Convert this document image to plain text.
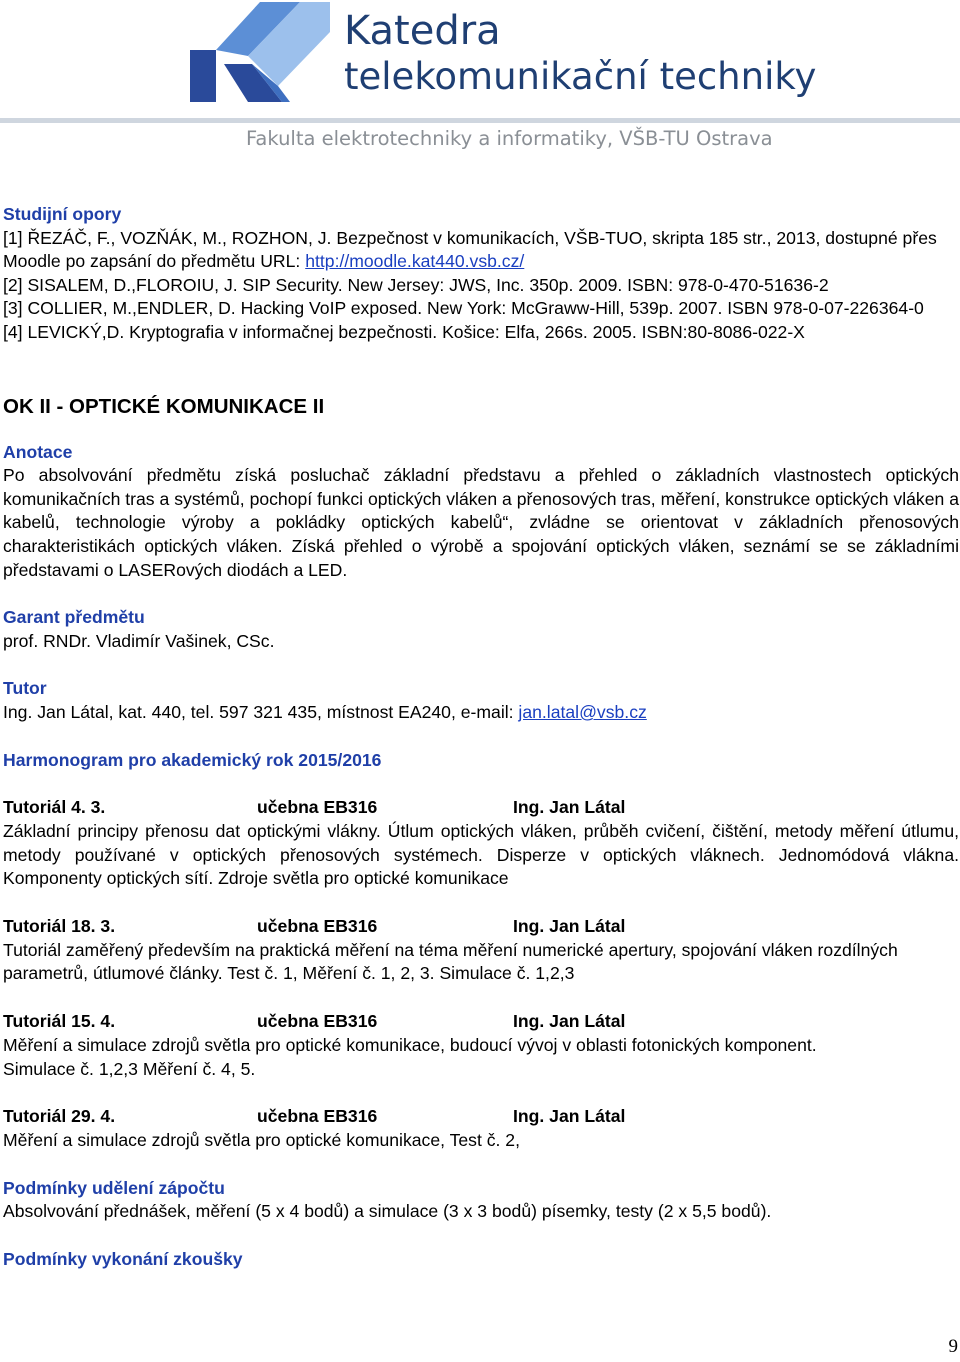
Katedra
telekomunikační techniky
Fakulta elektrotechniky a informatiky, VŠB-TU Ostrava

Studijní opory

[1] ŘEZÁČ, F., VOZŇÁK, M., ROZHON, J. Bezpečnost v komunikacích, VŠB-TUO, skripta 185 str., 2013, dostupné přes Moodle po zapsání do předmětu URL: http://moodle.kat440.vsb.cz/

[2] SISALEM, D.,FLOROIU, J. SIP Security. New Jersey: JWS, Inc. 350p. 2009. ISBN: 978-0-470-51636-2

[3] COLLIER, M.,ENDLER, D. Hacking VoIP exposed. New York: McGraww-Hill, 539p. 2007. ISBN 978-0-07-226364-0

[4] LEVICKÝ,D. Kryptografia v informačnej bezpečnosti. Košice: Elfa, 266s. 2005. ISBN:80-8086-022-X

OK II - OPTICKÉ KOMUNIKACE II

Anotace

Po absolvování předmětu získá posluchač základní představu a přehled o základních vlastnostech optických komunikačních tras a systémů, pochopí funkci optických vláken a přenosových tras, měření, konstrukce optických vláken a kabelů, technologie výroby a pokládky optických kabelů“, zvládne se orientovat v základních přenosových charakteristikách optických vláken. Získá přehled o výrobě a spojování optických vláken, seznámí se se základními představami o LASERových diodách a LED.

Garant předmětu

prof. RNDr. Vladimír Vašinek, CSc.

Tutor

Ing. Jan Látal, kat. 440, tel. 597 321 435, místnost EA240, e-mail: jan.latal@vsb.cz

Harmonogram pro akademický rok 2015/2016

Tutoriál 4. 3.	učebna EB316	Ing. Jan Látal

Základní principy přenosu dat optickými vlákny. Útlum optických vláken, průběh cvičení, čištění, metody měření útlumu, metody používané v optických přenosových systémech. Disperze v optických vláknech. Jednomódová vlákna. Komponenty optických sítí. Zdroje světla pro optické komunikace

Tutoriál 18. 3.	učebna EB316	Ing. Jan Látal

Tutoriál zaměřený především na praktická měření na téma měření numerické apertury, spojování vláken rozdílných parametrů, útlumové články. Test č. 1, Měření č. 1, 2, 3. Simulace č. 1,2,3

Tutoriál 15. 4.	učebna EB316	Ing. Jan Látal

Měření a simulace zdrojů světla pro optické komunikace, budoucí vývoj v oblasti fotonických komponent. Simulace č. 1,2,3 Měření č. 4, 5.

Tutoriál 29. 4.	učebna EB316	Ing. Jan Látal

Měření a simulace zdrojů světla pro optické komunikace, Test č. 2,

Podmínky udělení zápočtu

Absolvování přednášek, měření (5 x 4 bodů) a simulace (3 x 3 bodů) písemky, testy (2 x 5,5 bodů).

Podmínky vykonání zkoušky

9
